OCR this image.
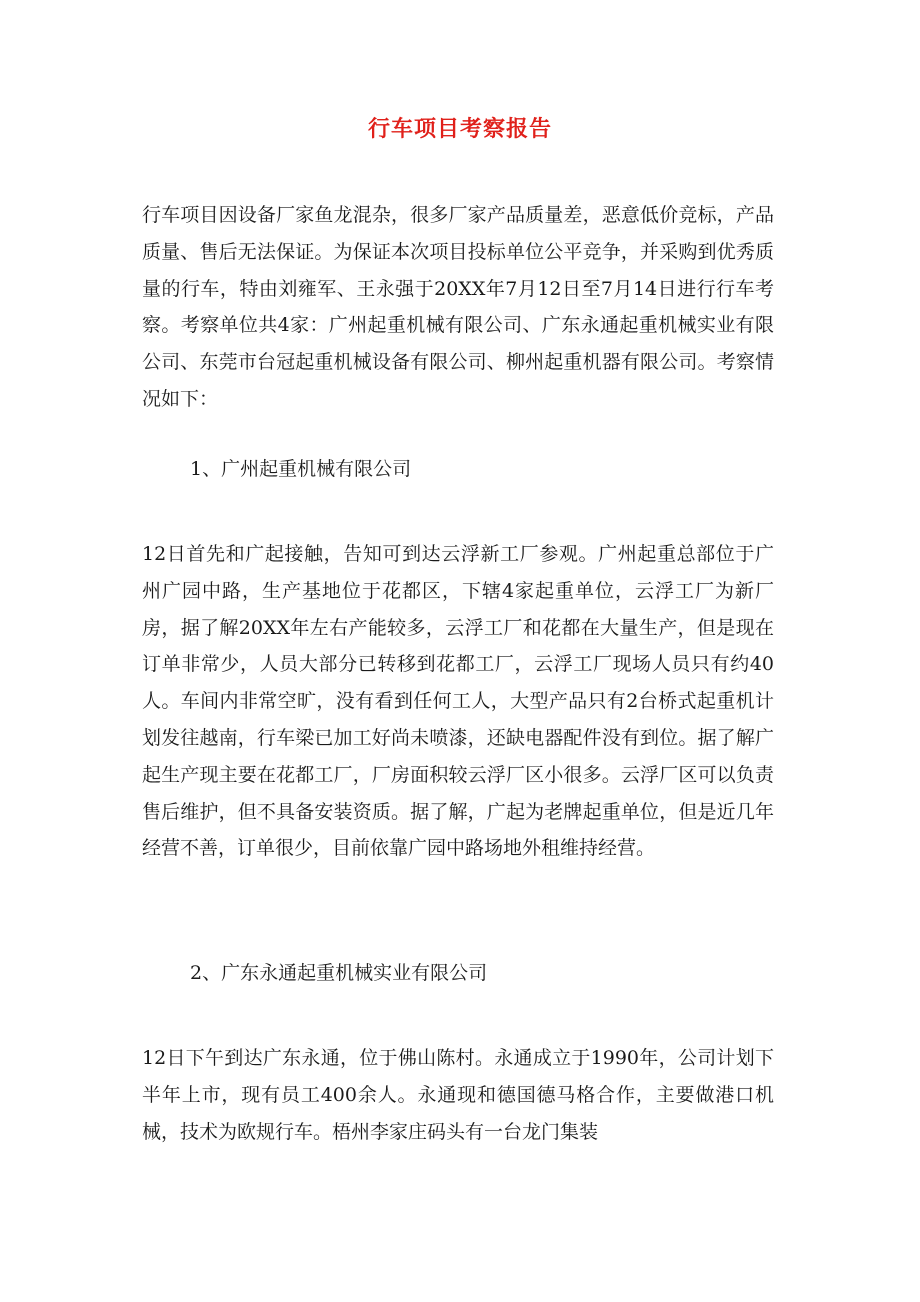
行车项目考察报告

行车项目因设备厂家鱼龙混杂，很多厂家产品质量差，恶意低价竞标，产品质量、售后无法保证。为保证本次项目投标单位公平竞争，并采购到优秀质量的行车，特由刘雍军、王永强于20XX年7月12日至7月14日进行行车考察。考察单位共4家：广州起重机械有限公司、广东永通起重机械实业有限公司、东莞市台冠起重机械设备有限公司、柳州起重机器有限公司。考察情况如下：

1、广州起重机械有限公司

12日首先和广起接触，告知可到达云浮新工厂参观。广州起重总部位于广州广园中路，生产基地位于花都区，下辖4家起重单位，云浮工厂为新厂房，据了解20XX年左右产能较多，云浮工厂和花都在大量生产，但是现在订单非常少，人员大部分已转移到花都工厂，云浮工厂现场人员只有约40人。车间内非常空旷，没有看到任何工人，大型产品只有2台桥式起重机计划发往越南，行车梁已加工好尚未喷漆，还缺电器配件没有到位。据了解广起生产现主要在花都工厂，厂房面积较云浮厂区小很多。云浮厂区可以负责售后维护，但不具备安装资质。据了解，广起为老牌起重单位，但是近几年经营不善，订单很少，目前依靠广园中路场地外租维持经营。

2、广东永通起重机械实业有限公司

12日下午到达广东永通，位于佛山陈村。永通成立于1990年，公司计划下半年上市，现有员工400余人。永通现和德国德马格合作，主要做港口机械，技术为欧规行车。梧州李家庄码头有一台龙门集装
